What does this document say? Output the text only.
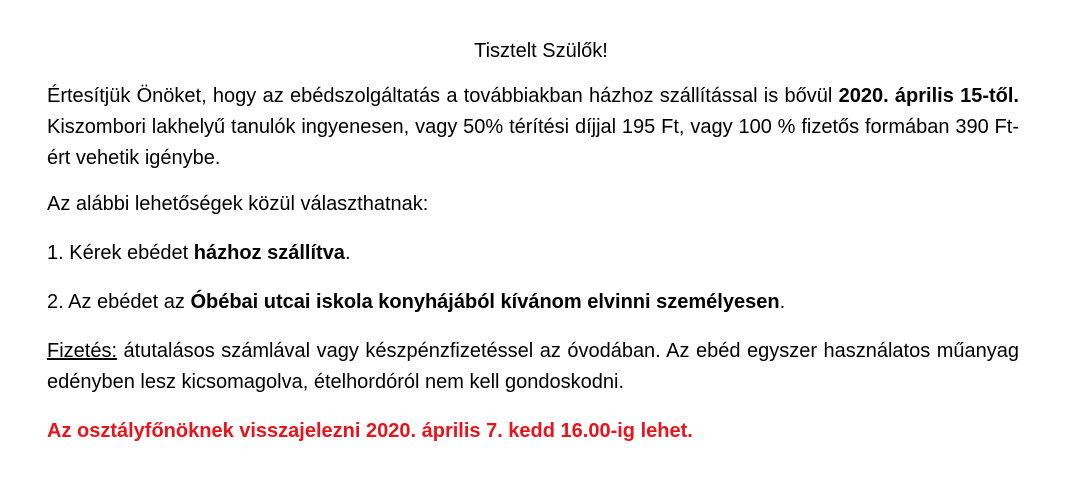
Tisztelt Szülők!

Értesítjük Önöket, hogy az ebédszolgáltatás a továbbiakban házhoz szállítással is bővül 2020. április 15-től. Kiszombori lakhelyű tanulók ingyenesen, vagy 50% térítési díjjal 195 Ft, vagy 100 % fizetős formában 390 Ft-ért vehetik igénybe.

Az alábbi lehetőségek közül választhatnak:

1. Kérek ebédet házhoz szállítva.

2. Az ebédet az Óbébai utcai iskola konyhájából kívánom elvinni személyesen.

Fizetés: átutalásos számlával vagy készpénzfizetéssel az óvodában. Az ebéd egyszer használatos műanyag edényben lesz kicsomagolva, ételhordóról nem kell gondoskodni.

Az osztályfőnöknek visszajelezni 2020. április 7. kedd 16.00-ig lehet.
